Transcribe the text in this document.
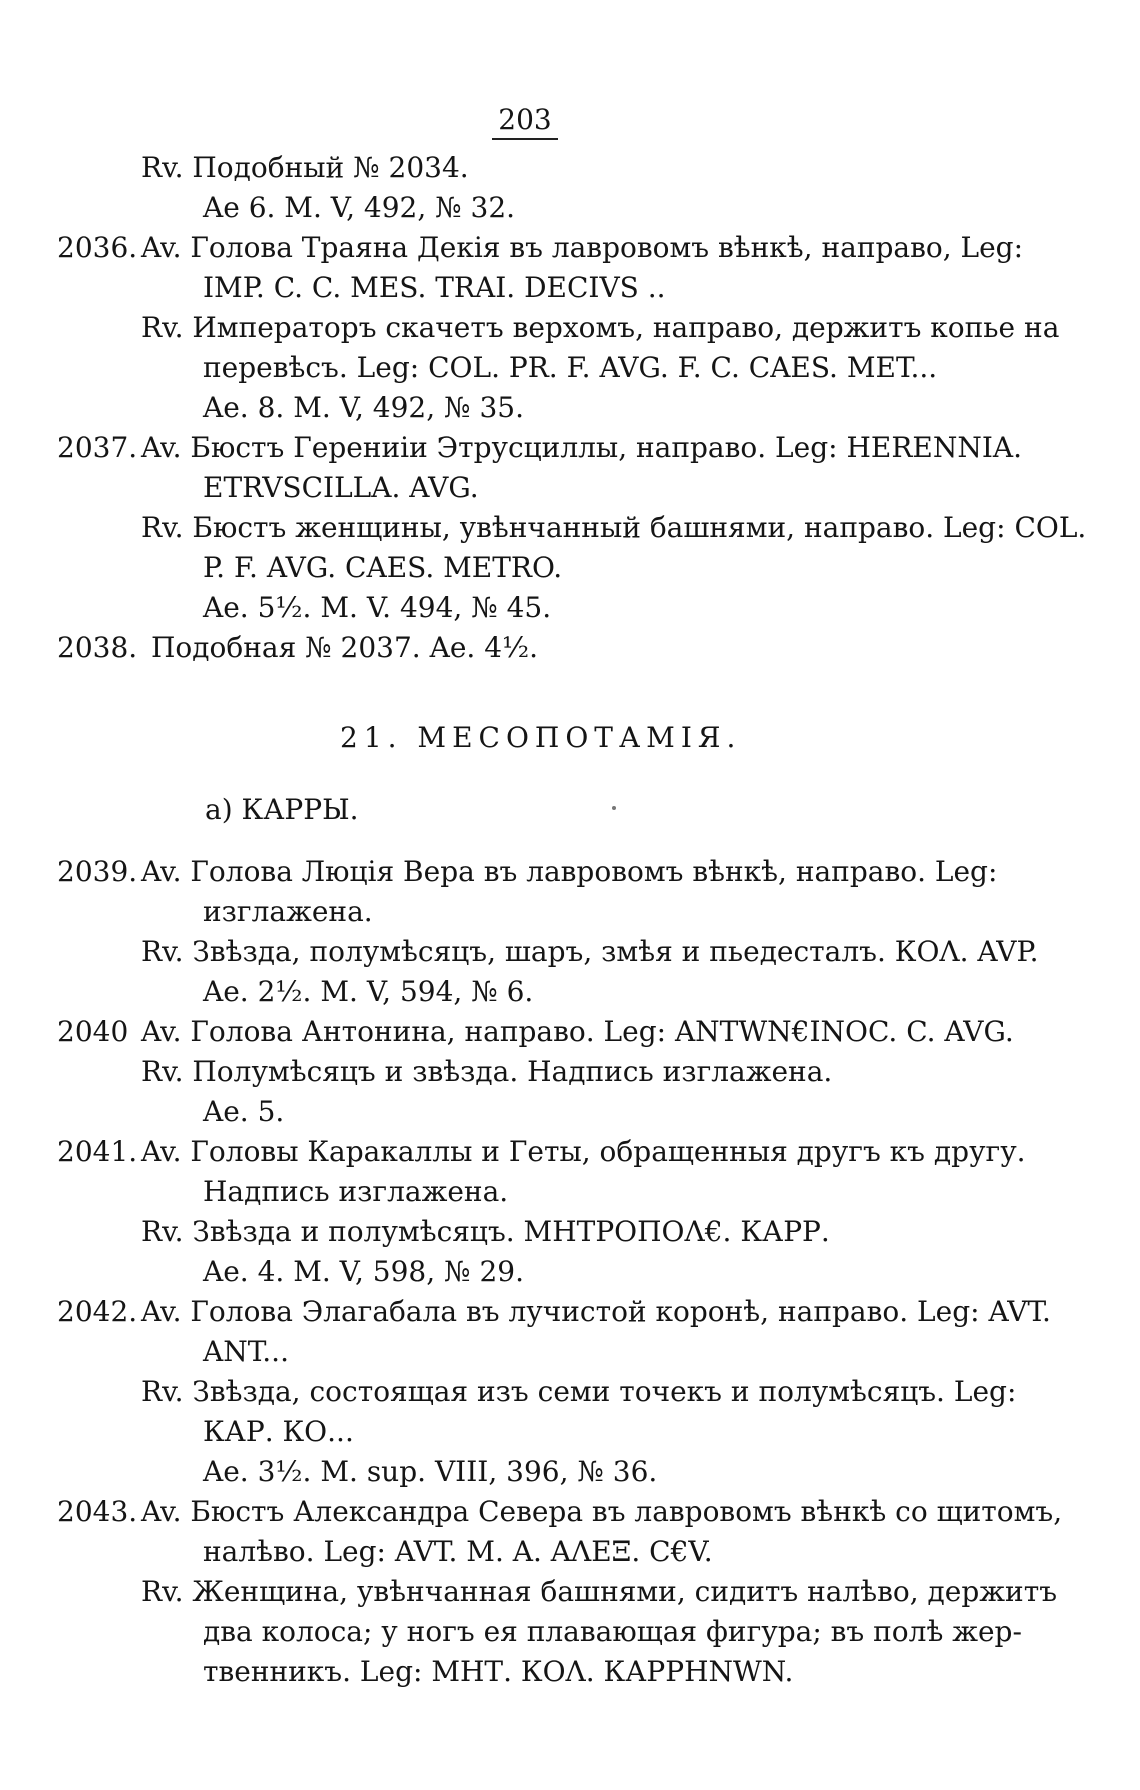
203
Rv. Подобный № 2034.
Ae 6. M. V, 492, № 32.
2036. Av. Голова Траяна Декія въ лавровомъ вѣнкѣ, направо, Leg:
IMP. C. C. MES. TRAI. DECIVS ..
Rv. Императоръ скачетъ верхомъ, направо, держитъ копье на
перевѣсъ. Leg: COL. PR. F. AVG. F. C. CAES. MET...
Ae. 8. M. V, 492, № 35.
2037. Av. Бюстъ Герениіи Этрусциллы, направо. Leg: HERENNIA.
ETRVSCILLA. AVG.
Rv. Бюстъ женщины, увѣнчанный башнями, направо. Leg: COL.
P. F. AVG. CAES. METRO.
Ae. 5½. M. V. 494, № 45.
2038. Подобная № 2037. Ae. 4½.
21. МЕСОПОТАМІЯ.
а) КАРРЫ.
2039. Av. Голова Люція Вера въ лавровомъ вѣнкѣ, направо. Leg:
изглажена.
Rv. Звѣзда, полумѣсяцъ, шаръ, змѣя и пьедесталъ. КОΛ. AVP.
Ae. 2½. M. V, 594, № 6.
2040 Av. Голова Антонина, направо. Leg: ANTWN€INOC. C. AVG.
Rv. Полумѣсяцъ и звѣзда. Надпись изглажена.
Ae. 5.
2041. Av. Головы Каракаллы и Геты, обращенныя другъ къ другу.
Надпись изглажена.
Rv. Звѣзда и полумѣсяцъ. МНТРОПОΛ€. КАРР.
Ae. 4. M. V, 598, № 29.
2042. Av. Голова Элагабала въ лучистой коронѣ, направо. Leg: AVT.
ANT...
Rv. Звѣзда, состоящая изъ семи точекъ и полумѣсяцъ. Leg:
КАР. КО...
Ae. 3½. M. sup. VIII, 396, № 36.
2043. Av. Бюстъ Александра Севера въ лавровомъ вѣнкѣ со щитомъ,
налѣво. Leg: AVT. M. A. AΛEΞ. C€V.
Rv. Женщина, увѣнчанная башнями, сидитъ налѣво, держитъ
два колоса; у ногъ ея плавающая фигура; въ полѣ жер-
твенникъ. Leg: МНТ. КОΛ. КАРРНNWN.
